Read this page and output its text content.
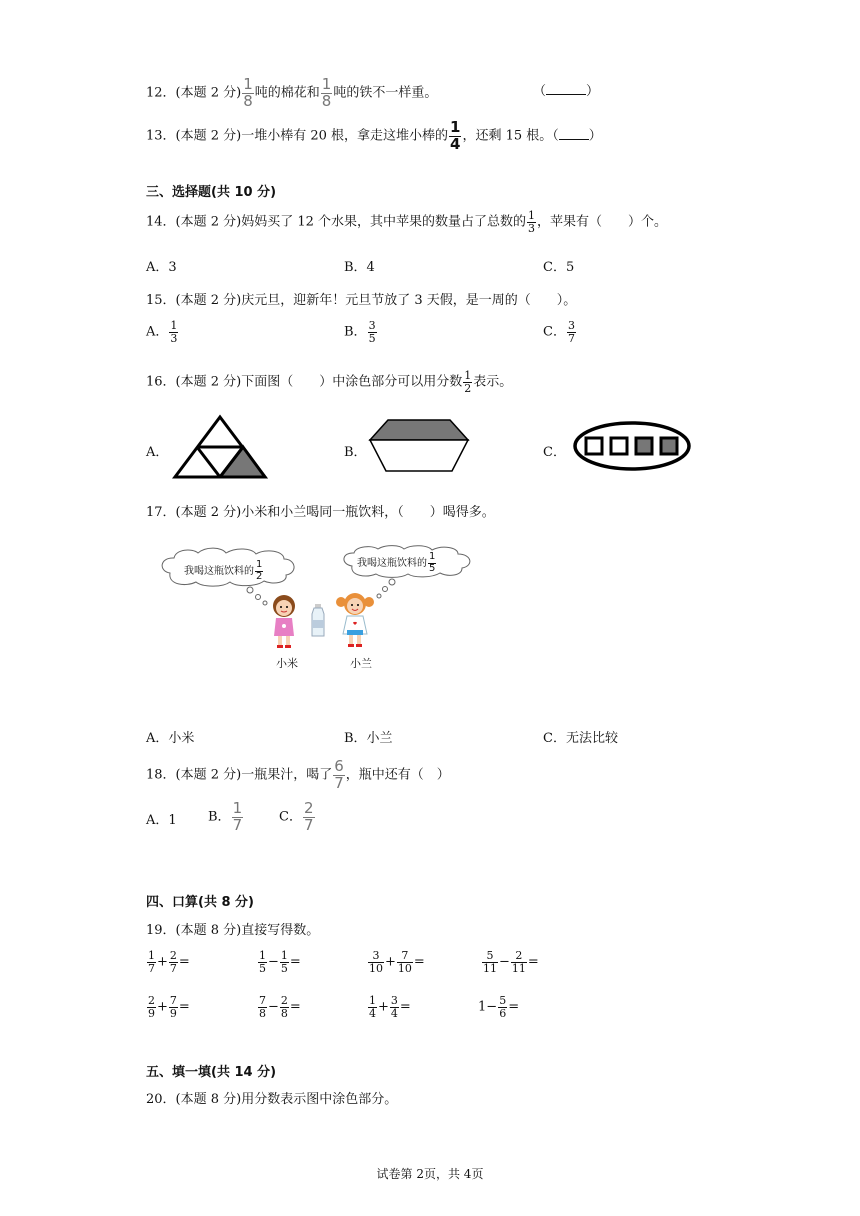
12．(本题 2 分) $\frac{1}{8}$ 吨的棉花和 $\frac{1}{8}$ 吨的铁不一样重。	（	）
13．(本题 2 分)一堆小棒有 20 根，拿走这堆小棒的 $\frac{1}{4}$ ，还剩 15 根。（ ）
三、选择题(共 10 分)
14．(本题 2 分)妈妈买了 12 个水果，其中苹果的数量占了总数的 $\frac{1}{3}$ ，苹果有（　　）个。
A．3	B．4	C．5
15．(本题 2 分)庆元旦，迎新年！元旦节放了 3 天假，是一周的（　　）。
A． $\frac{1}{3}$	B． $\frac{3}{5}$	C． $\frac{3}{7}$
16．(本题 2 分)下面图（　　）中涂色部分可以用分数 $\frac{1}{2}$ 表示。
A．	B．	C．
17．(本题 2 分)小米和小兰喝同一瓶饮料，（　　）喝得多。
我喝这瓶饮料的 $\frac{1}{2}$	我喝这瓶饮料的 $\frac{1}{5}$
小米	小兰
A．小米	B．小兰	C．无法比较
18．(本题 2 分)一瓶果汁，喝了 $\frac{6}{7}$ ，瓶中还有（　）
A．1 B． $\frac{1}{7}$	C． $\frac{2}{7}$
四、口算(共 8 分)
19．(本题 8 分)直接写得数。
$\frac{1}{7} + \frac{2}{7}$ =	$\frac{1}{5} - \frac{1}{5}$ =	$\frac{3}{10} + \frac{7}{10}$ =	$\frac{5}{11} - \frac{2}{11}$ =
$\frac{2}{9} + \frac{7}{9}$ =	$\frac{7}{8} - \frac{2}{8}$ =	$\frac{1}{4} + \frac{3}{4}$ =	$1- \frac{5}{6}$ =
五、填一填(共 14 分)
20．(本题 8 分)用分数表示图中涂色部分。
试卷第 2页，共 4页
